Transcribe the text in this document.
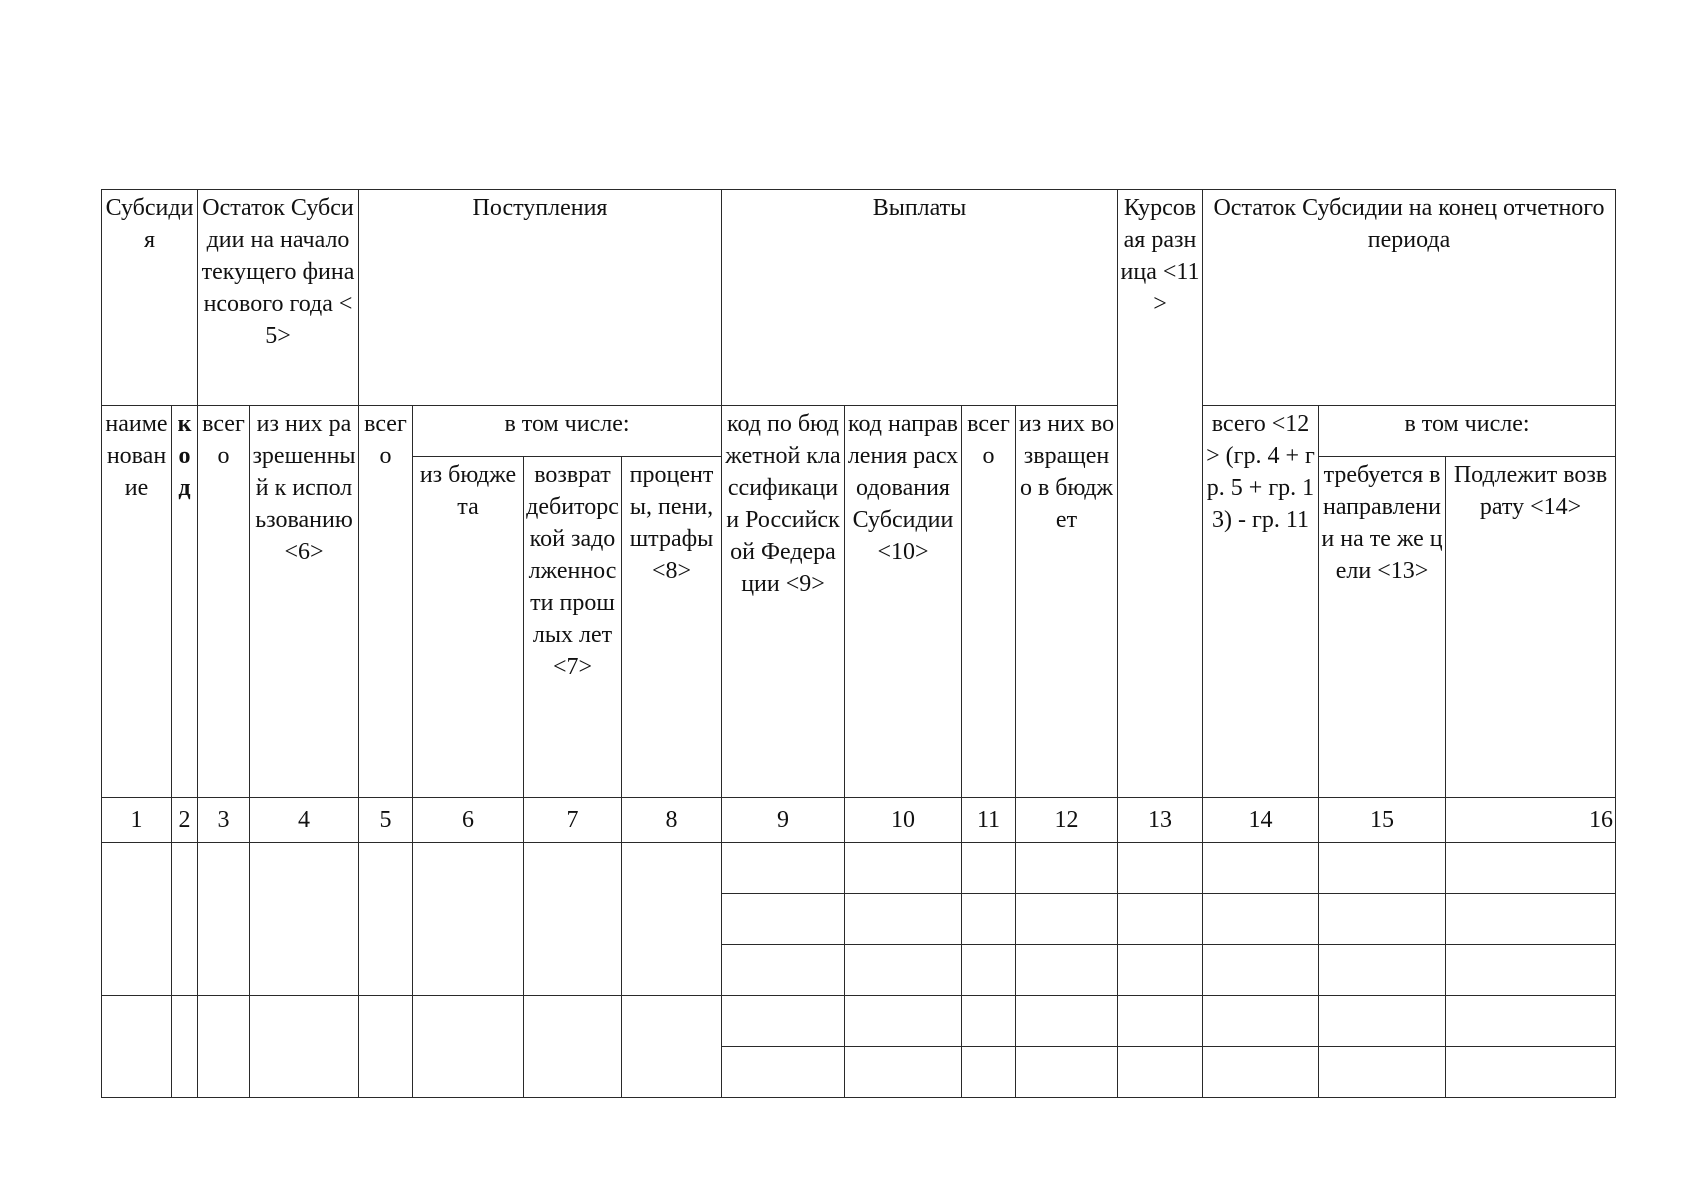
Субсидия		Остаток Субсидии на начало текущего финансового года <5>		Поступления				Выплаты				Курсовая разница <11>	Остаток Субсидии на конец отчетного периода		
наименование	код	всего	из них разрешенный к использованию <6>	всего	в том числе:			код по бюджетной классификации Российской Федерации <9>	код направления расходования Субсидии <10>	всего	из них возвращено в бюджет		всего <12> (гр. 4 + гр. 5 + гр. 13) - гр. 11	в том числе:	
					из бюджета	возврат дебиторской задолженности прошлых лет <7>	проценты, пени, штрафы <8>							требуется в направлении на те же цели <13>	Подлежит возврату <14>
1	2	3	4	5	6	7	8	9	10	11	12	13	14	15	16
